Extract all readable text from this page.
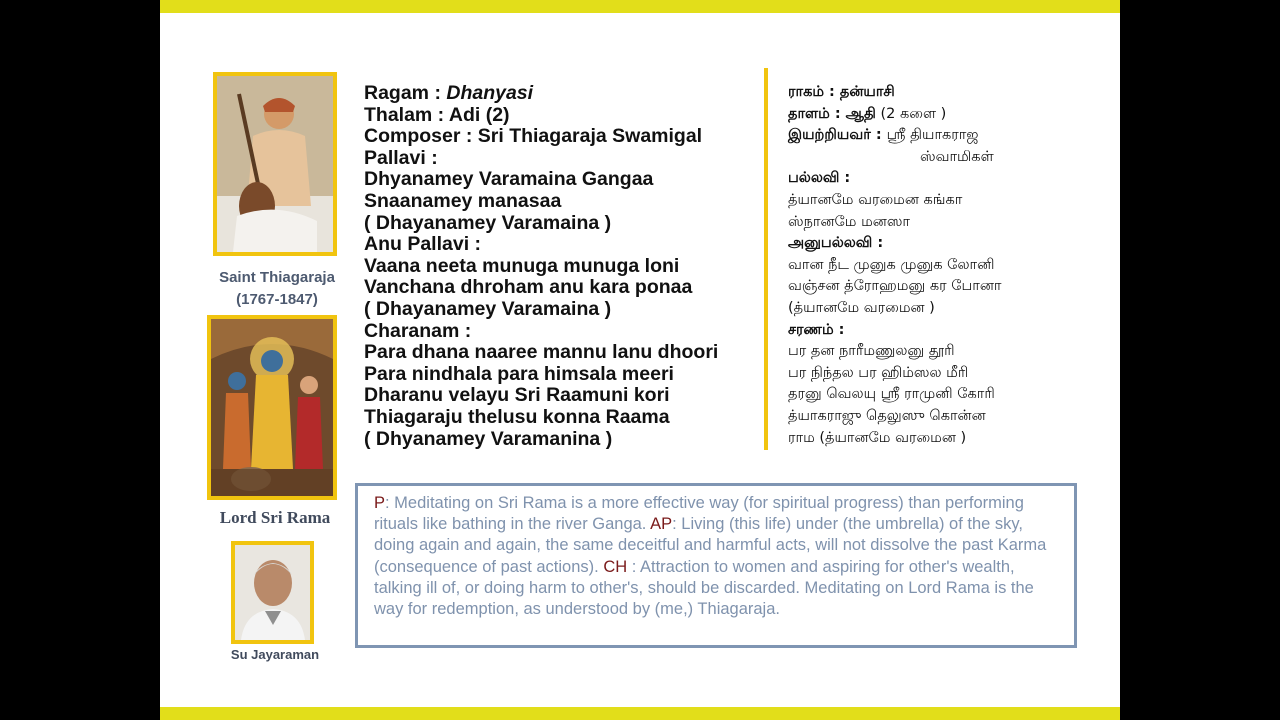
Saint Thiagaraja
(1767-1847)
Lord Sri Rama
Su Jayaraman
Ragam : Dhanyasi
Thalam : Adi (2)
Composer : Sri Thiagaraja Swamigal
Pallavi :
Dhyanamey Varamaina Gangaa
Snaanamey manasaa
( Dhayanamey Varamaina )
Anu Pallavi :
Vaana neeta munuga munuga loni
Vanchana dhroham anu kara ponaa
( Dhayanamey Varamaina )
Charanam :
Para dhana naaree mannu lanu dhoori
Para nindhala para himsala meeri
Dharanu velayu Sri Raamuni kori
Thiagaraju thelusu konna Raama
( Dhyanamey Varamanina )
ராகம் : தன்யாசி
தாளம் : ஆதி (2 களை )
இயற்றியவர் : ஸ்ரீ தியாகராஜ
ஸ்வாமிகள்
பல்லவி :
த்யானமே வரமைன கங்கா
ஸ்நானமே மனஸா
அனுபல்லவி :
வான நீட முனுக முனுக லோனி
வஞ்சன த்ரோஹமனு கர போனா
(த்யானமே வரமைன )
சரணம் :
பர தன நாரீமணுலனு தூரி
பர நிந்தல பர ஹிம்ஸல மீரி
தரனு வெலயு ஸ்ரீ ராமுனி கோரி
த்யாகராஜு தெலுஸு கொன்ன
ராம (த்யானமே வரமைன )
P: Meditating on Sri Rama is a more effective way (for spiritual progress) than performing rituals like bathing in the river Ganga. AP: Living (this life) under (the umbrella) of the sky, doing again and again, the same deceitful and harmful acts, will not dissolve the past Karma (consequence of past actions). CH : Attraction to women and aspiring for other's wealth, talking ill of, or doing harm to other's, should be discarded. Meditating on Lord Rama is the way for redemption, as understood by (me,) Thiagaraja.
